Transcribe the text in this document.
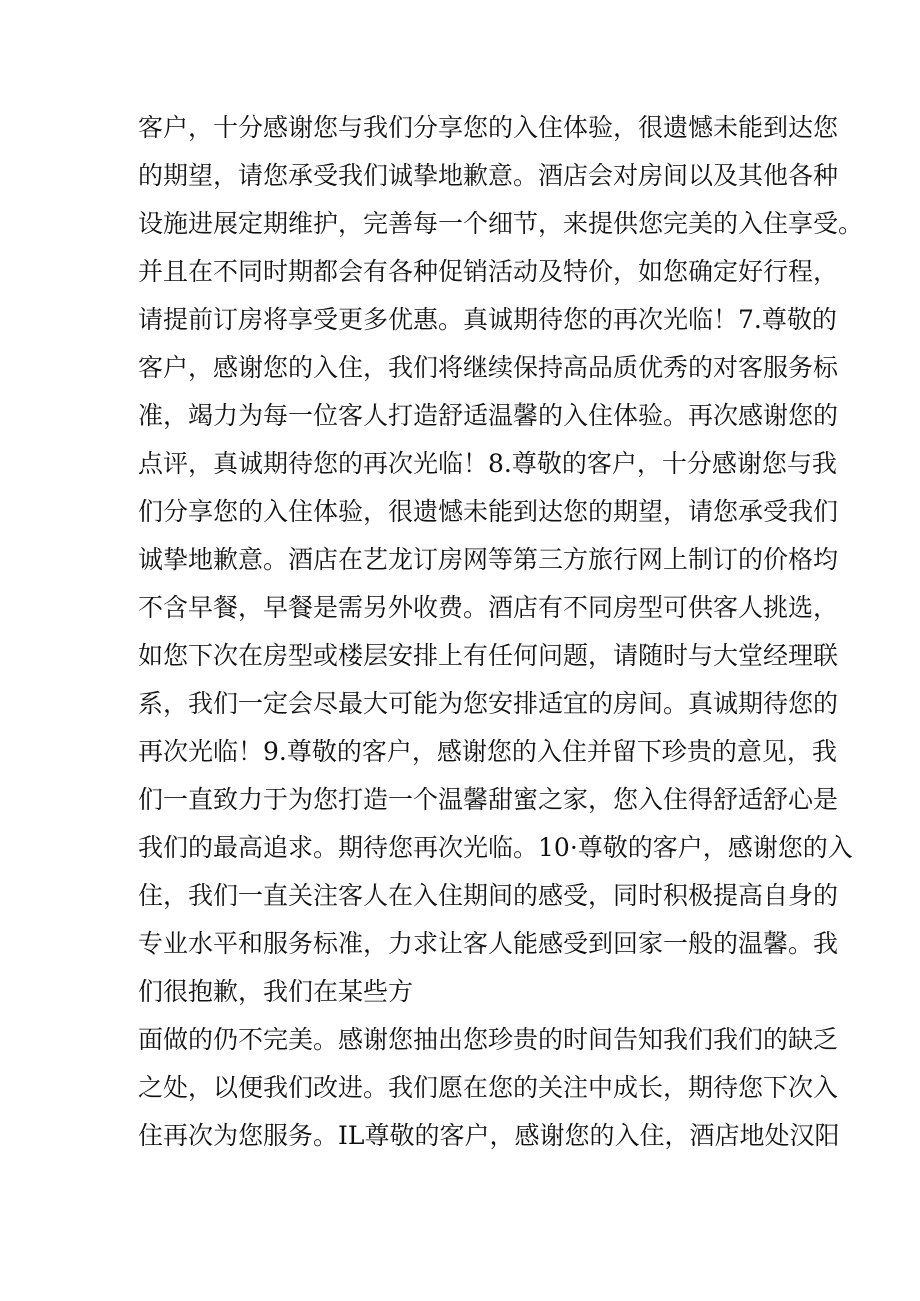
客户，十分感谢您与我们分享您的入住体验，很遗憾未能到达您
的期望，请您承受我们诚挚地歉意。酒店会对房间以及其他各种
设施进展定期维护，完善每一个细节，来提供您完美的入住享受。
并且在不同时期都会有各种促销活动及特价，如您确定好行程，
请提前订房将享受更多优惠。真诚期待您的再次光临！7.尊敬的
客户，感谢您的入住，我们将继续保持高品质优秀的对客服务标
准，竭力为每一位客人打造舒适温馨的入住体验。再次感谢您的
点评，真诚期待您的再次光临！8.尊敬的客户，十分感谢您与我
们分享您的入住体验，很遗憾未能到达您的期望，请您承受我们
诚挚地歉意。酒店在艺龙订房网等第三方旅行网上制订的价格均
不含早餐，早餐是需另外收费。酒店有不同房型可供客人挑选，
如您下次在房型或楼层安排上有任何问题，请随时与大堂经理联
系，我们一定会尽最大可能为您安排适宜的房间。真诚期待您的
再次光临！9.尊敬的客户，感谢您的入住并留下珍贵的意见，我
们一直致力于为您打造一个温馨甜蜜之家，您入住得舒适舒心是
我们的最高追求。期待您再次光临。10·尊敬的客户，感谢您的入
住，我们一直关注客人在入住期间的感受，同时积极提高自身的
专业水平和服务标准，力求让客人能感受到回家一般的温馨。我
们很抱歉，我们在某些方
面做的仍不完美。感谢您抽出您珍贵的时间告知我们我们的缺乏
之处，以便我们改进。我们愿在您的关注中成长，期待您下次入
住再次为您服务。IL尊敬的客户，感谢您的入住，酒店地处汉阳
